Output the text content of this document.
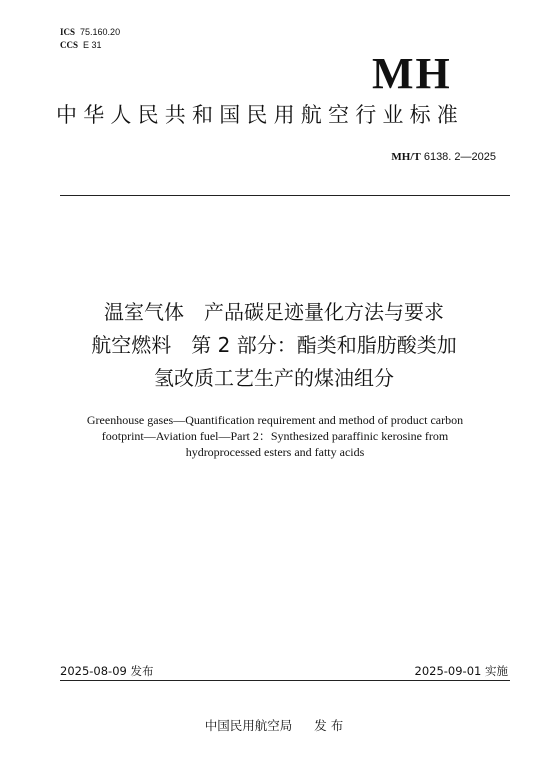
ICS 75.160.20
CCS E 31
MH
中华人民共和国民用航空行业标准
MH/T 6138. 2—2025
温室气体　产品碳足迹量化方法与要求
航空燃料　第 2 部分：酯类和脂肪酸类加
氢改质工艺生产的煤油组分
Greenhouse gases—Quantification requirement and method of product carbon
footprint—Aviation fuel—Part 2：Synthesized paraffinic kerosine from
hydroprocessed esters and fatty acids
2025-08-09 发布	2025-09-01 实施
中国民用航空局 发 布
